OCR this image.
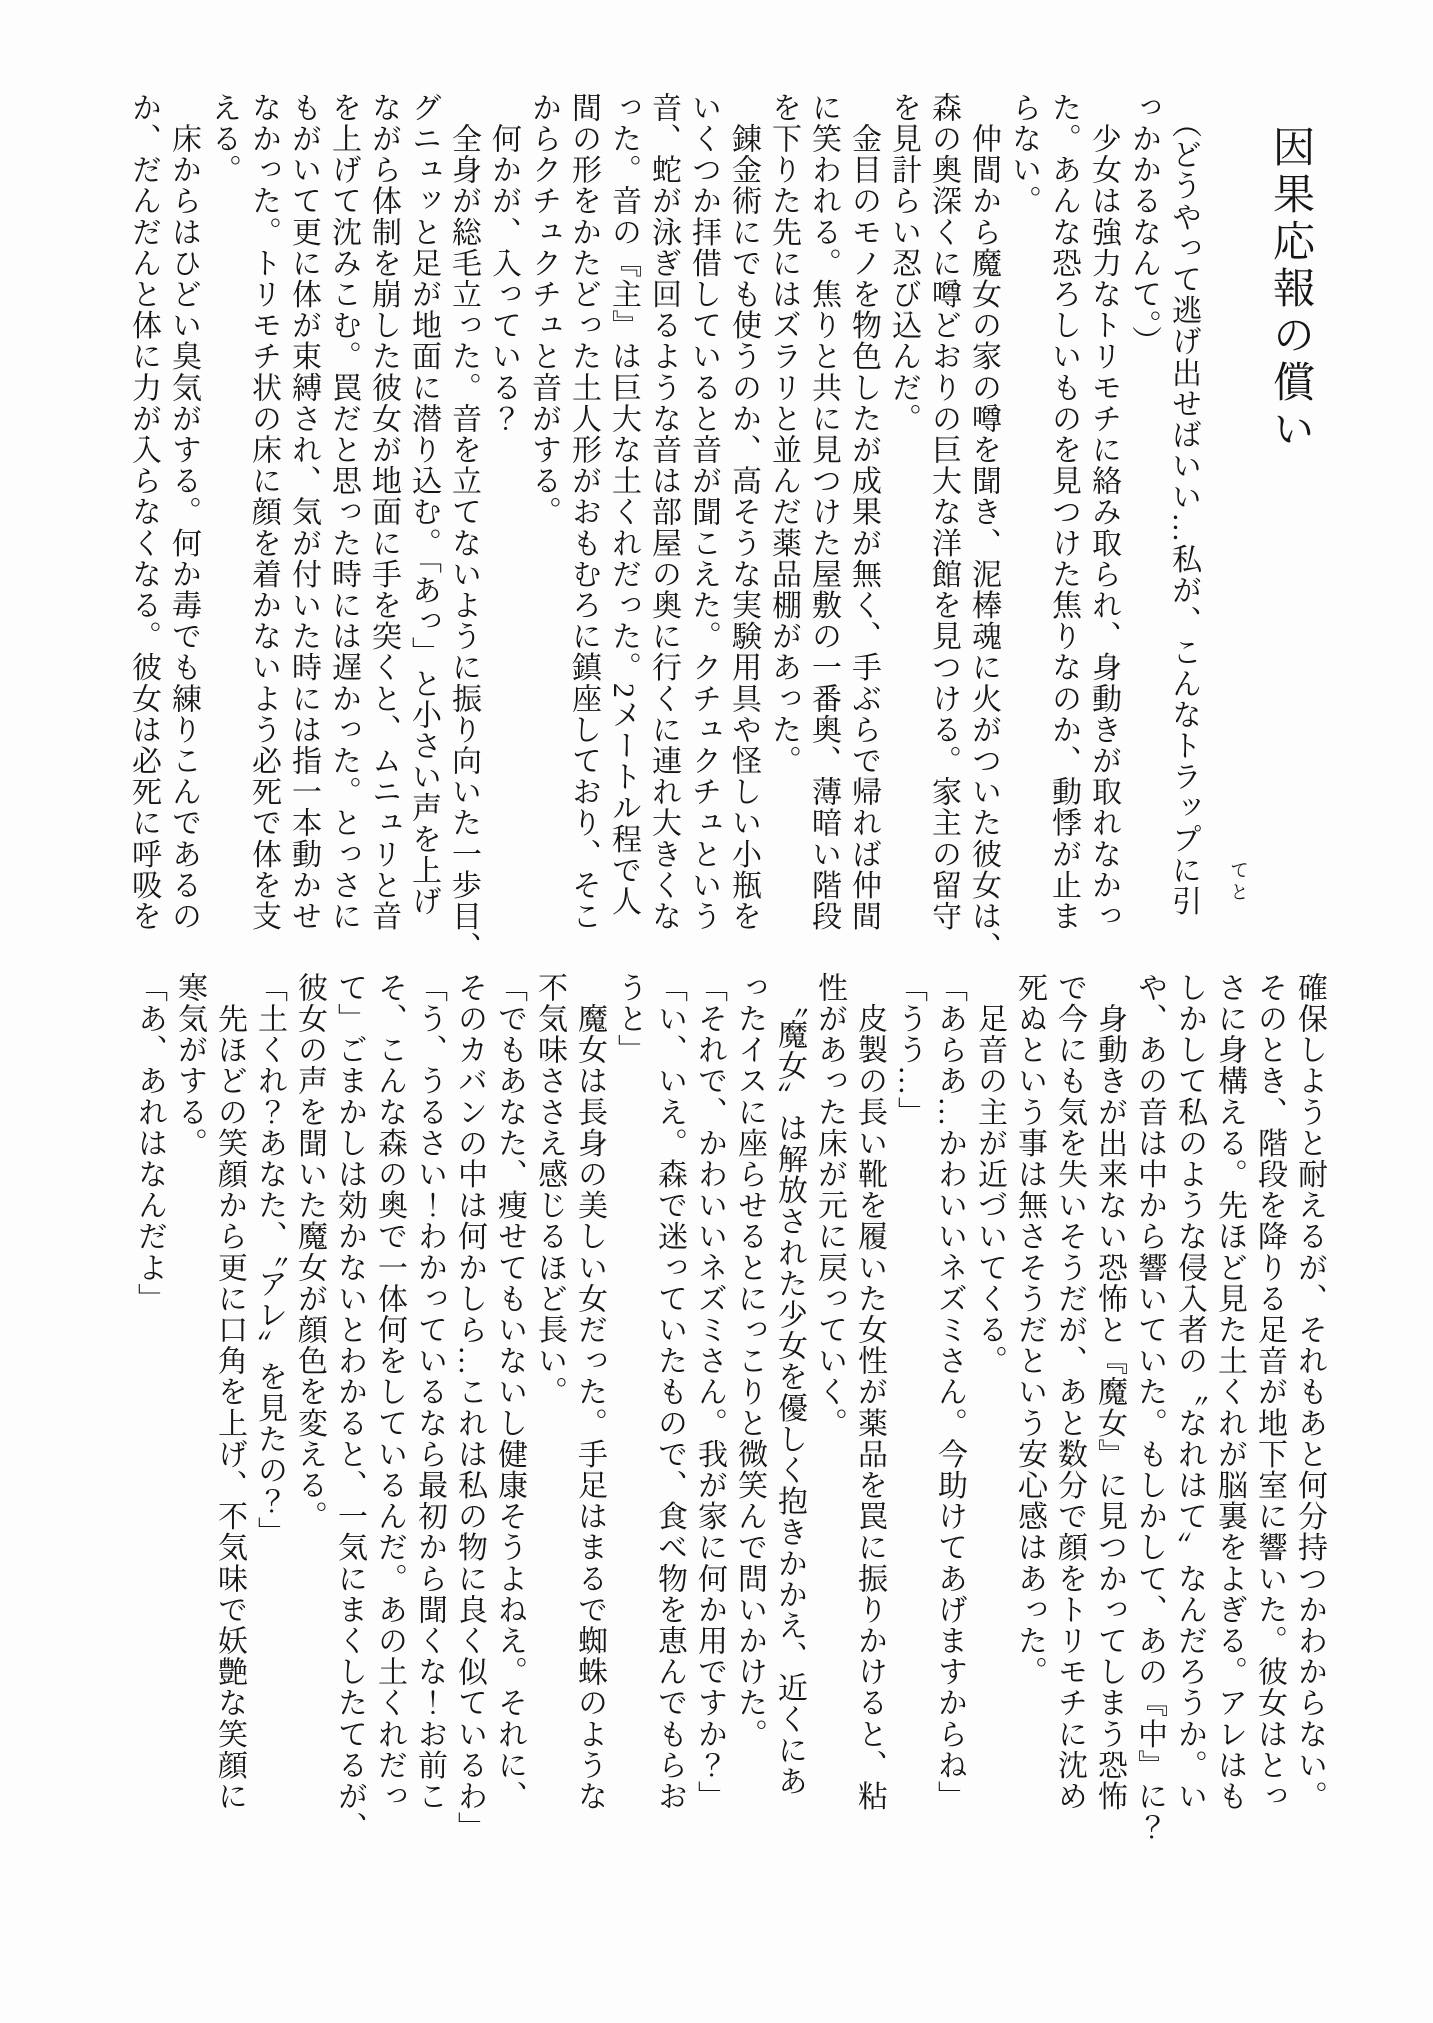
因果応報の償い
てと
　（どうやって逃げ出せばいい…私が、こんなトラップに引
っかかるなんて。）
　少女は強力なトリモチに絡み取られ、身動きが取れなかっ
た。あんな恐ろしいものを見つけた焦りなのか、動悸が止ま
らない。
　仲間から魔女の家の噂を聞き、泥棒魂に火がついた彼女は、
森の奥深くに噂どおりの巨大な洋館を見つける。家主の留守
を見計らい忍び込んだ。
　金目のモノを物色したが成果が無く、手ぶらで帰れば仲間
に笑われる。焦りと共に見つけた屋敷の一番奥、薄暗い階段
を下りた先にはズラリと並んだ薬品棚があった。
　錬金術にでも使うのか、高そうな実験用具や怪しい小瓶を
いくつか拝借していると音が聞こえた。クチュクチュという
音、蛇が泳ぎ回るような音は部屋の奥に行くに連れ大きくな
った。音の『主』は巨大な土くれだった。2メートル程で人
間の形をかたどった土人形がおもむろに鎮座しており、そこ
からクチュクチュと音がする。
　何かが、入っている？
　全身が総毛立った。音を立てないように振り向いた一歩目、
グニュッと足が地面に潜り込む。「あっ」と小さい声を上げ
ながら体制を崩した彼女が地面に手を突くと、ムニュリと音
を上げて沈みこむ。罠だと思った時には遅かった。とっさに
もがいて更に体が束縛され、気が付いた時には指一本動かせ
なかった。トリモチ状の床に顔を着かないよう必死で体を支
える。
　床からはひどい臭気がする。何か毒でも練りこんであるの
か、だんだんと体に力が入らなくなる。彼女は必死に呼吸を
確保しようと耐えるが、それもあと何分持つかわからない。
そのとき、階段を降りる足音が地下室に響いた。彼女はとっ
さに身構える。先ほど見た土くれが脳裏をよぎる。アレはも
しかして私のような侵入者の〝なれはて〞なんだろうか。い
や、あの音は中から響いていた。もしかして、あの『中』に？
　身動きが出来ない恐怖と『魔女』に見つかってしまう恐怖
で今にも気を失いそうだが、あと数分で顔をトリモチに沈め
死ぬという事は無さそうだという安心感はあった。
　足音の主が近づいてくる。
「あらあ…かわいいネズミさん。今助けてあげますからね」
「うう…」
　皮製の長い靴を履いた女性が薬品を罠に振りかけると、粘
性があった床が元に戻っていく。
　〝魔女〞は解放された少女を優しく抱きかかえ、近くにあ
ったイスに座らせるとにっこりと微笑んで問いかけた。
「それで、かわいいネズミさん。我が家に何か用ですか？」
「い、いえ。森で迷っていたもので、食べ物を恵んでもらお
うと」
　魔女は長身の美しい女だった。手足はまるで蜘蛛のような
不気味ささえ感じるほど長い。
「でもあなた、痩せてもいないし健康そうよねえ。それに、
そのカバンの中は何かしら…これは私の物に良く似ているわ」
「う、うるさい！わかっているなら最初から聞くな！お前こ
そ、こんな森の奥で一体何をしているんだ。あの土くれだっ
て」ごまかしは効かないとわかると、一気にまくしたてるが、
彼女の声を聞いた魔女が顔色を変える。
「土くれ？あなた、〝アレ〞を見たの？」
　先ほどの笑顔から更に口角を上げ、不気味で妖艶な笑顔に
寒気がする。
「あ、あれはなんだよ」
